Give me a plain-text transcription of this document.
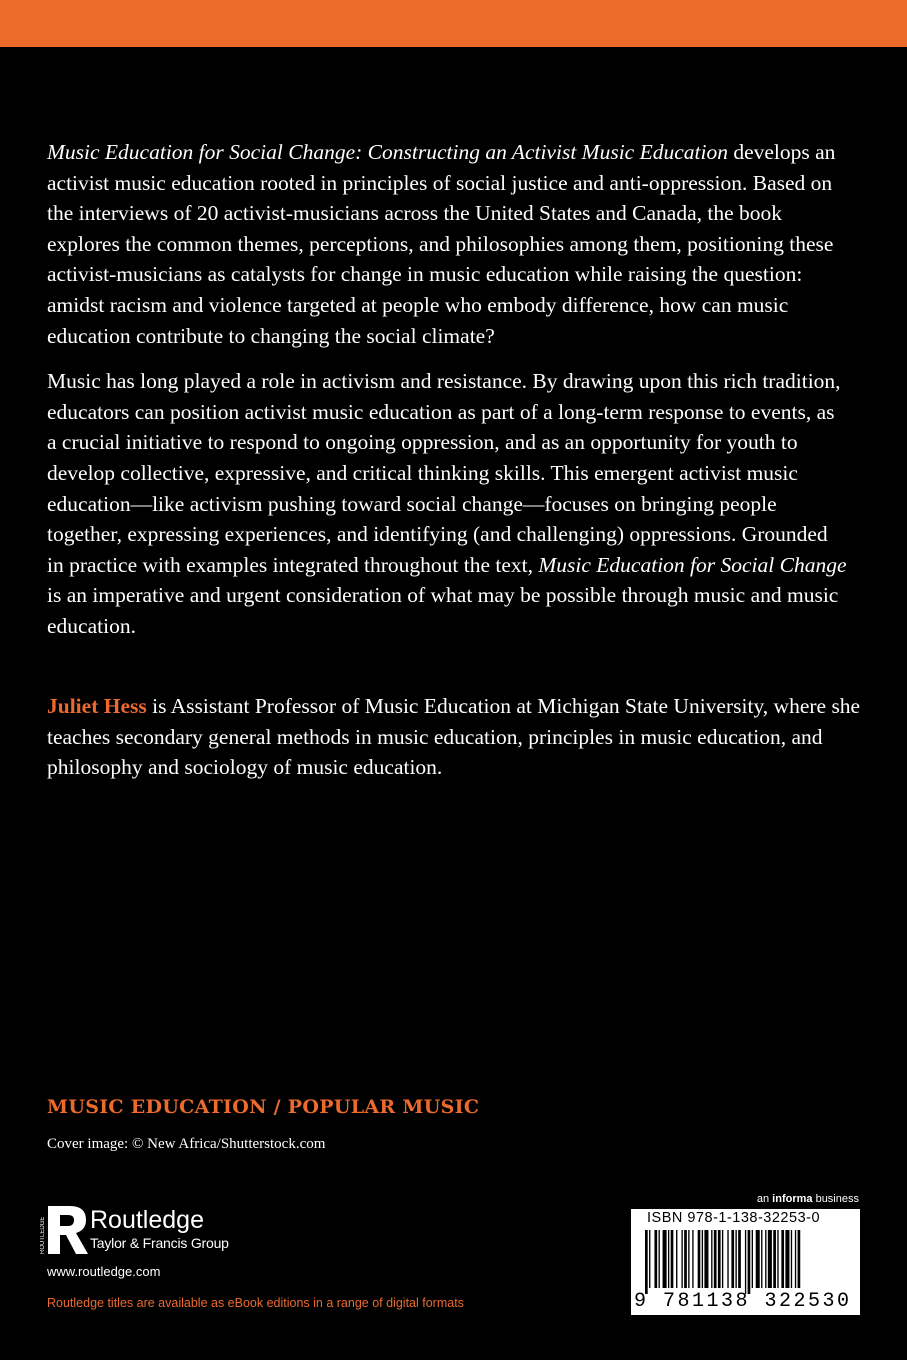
Music Education for Social Change: Constructing an Activist Music Education develops an activist music education rooted in principles of social justice and anti-oppression. Based on the interviews of 20 activist-musicians across the United States and Canada, the book explores the common themes, perceptions, and philosophies among them, positioning these activist-musicians as catalysts for change in music education while raising the question: amidst racism and violence targeted at people who embody difference, how can music education contribute to changing the social climate?

Music has long played a role in activism and resistance. By drawing upon this rich tradition, educators can position activist music education as part of a long-term response to events, as a crucial initiative to respond to ongoing oppression, and as an opportunity for youth to develop collective, expressive, and critical thinking skills. This emergent activist music education—like activism pushing toward social change—focuses on bringing people together, expressing experiences, and identifying (and challenging) oppressions. Grounded in practice with examples integrated throughout the text, Music Education for Social Change is an imperative and urgent consideration of what may be possible through music and music education.

Juliet Hess is Assistant Professor of Music Education at Michigan State University, where she teaches secondary general methods in music education, principles in music education, and philosophy and sociology of music education.
MUSIC EDUCATION / POPULAR MUSIC
Cover image: © New Africa/Shutterstock.com
ROUTLEDGE Routledge
Taylor & Francis Group
www.routledge.com
Routledge titles are available as eBook editions in a range of digital formats
an informa business
ISBN 978-1-138-32253-0
9 781138 322530
